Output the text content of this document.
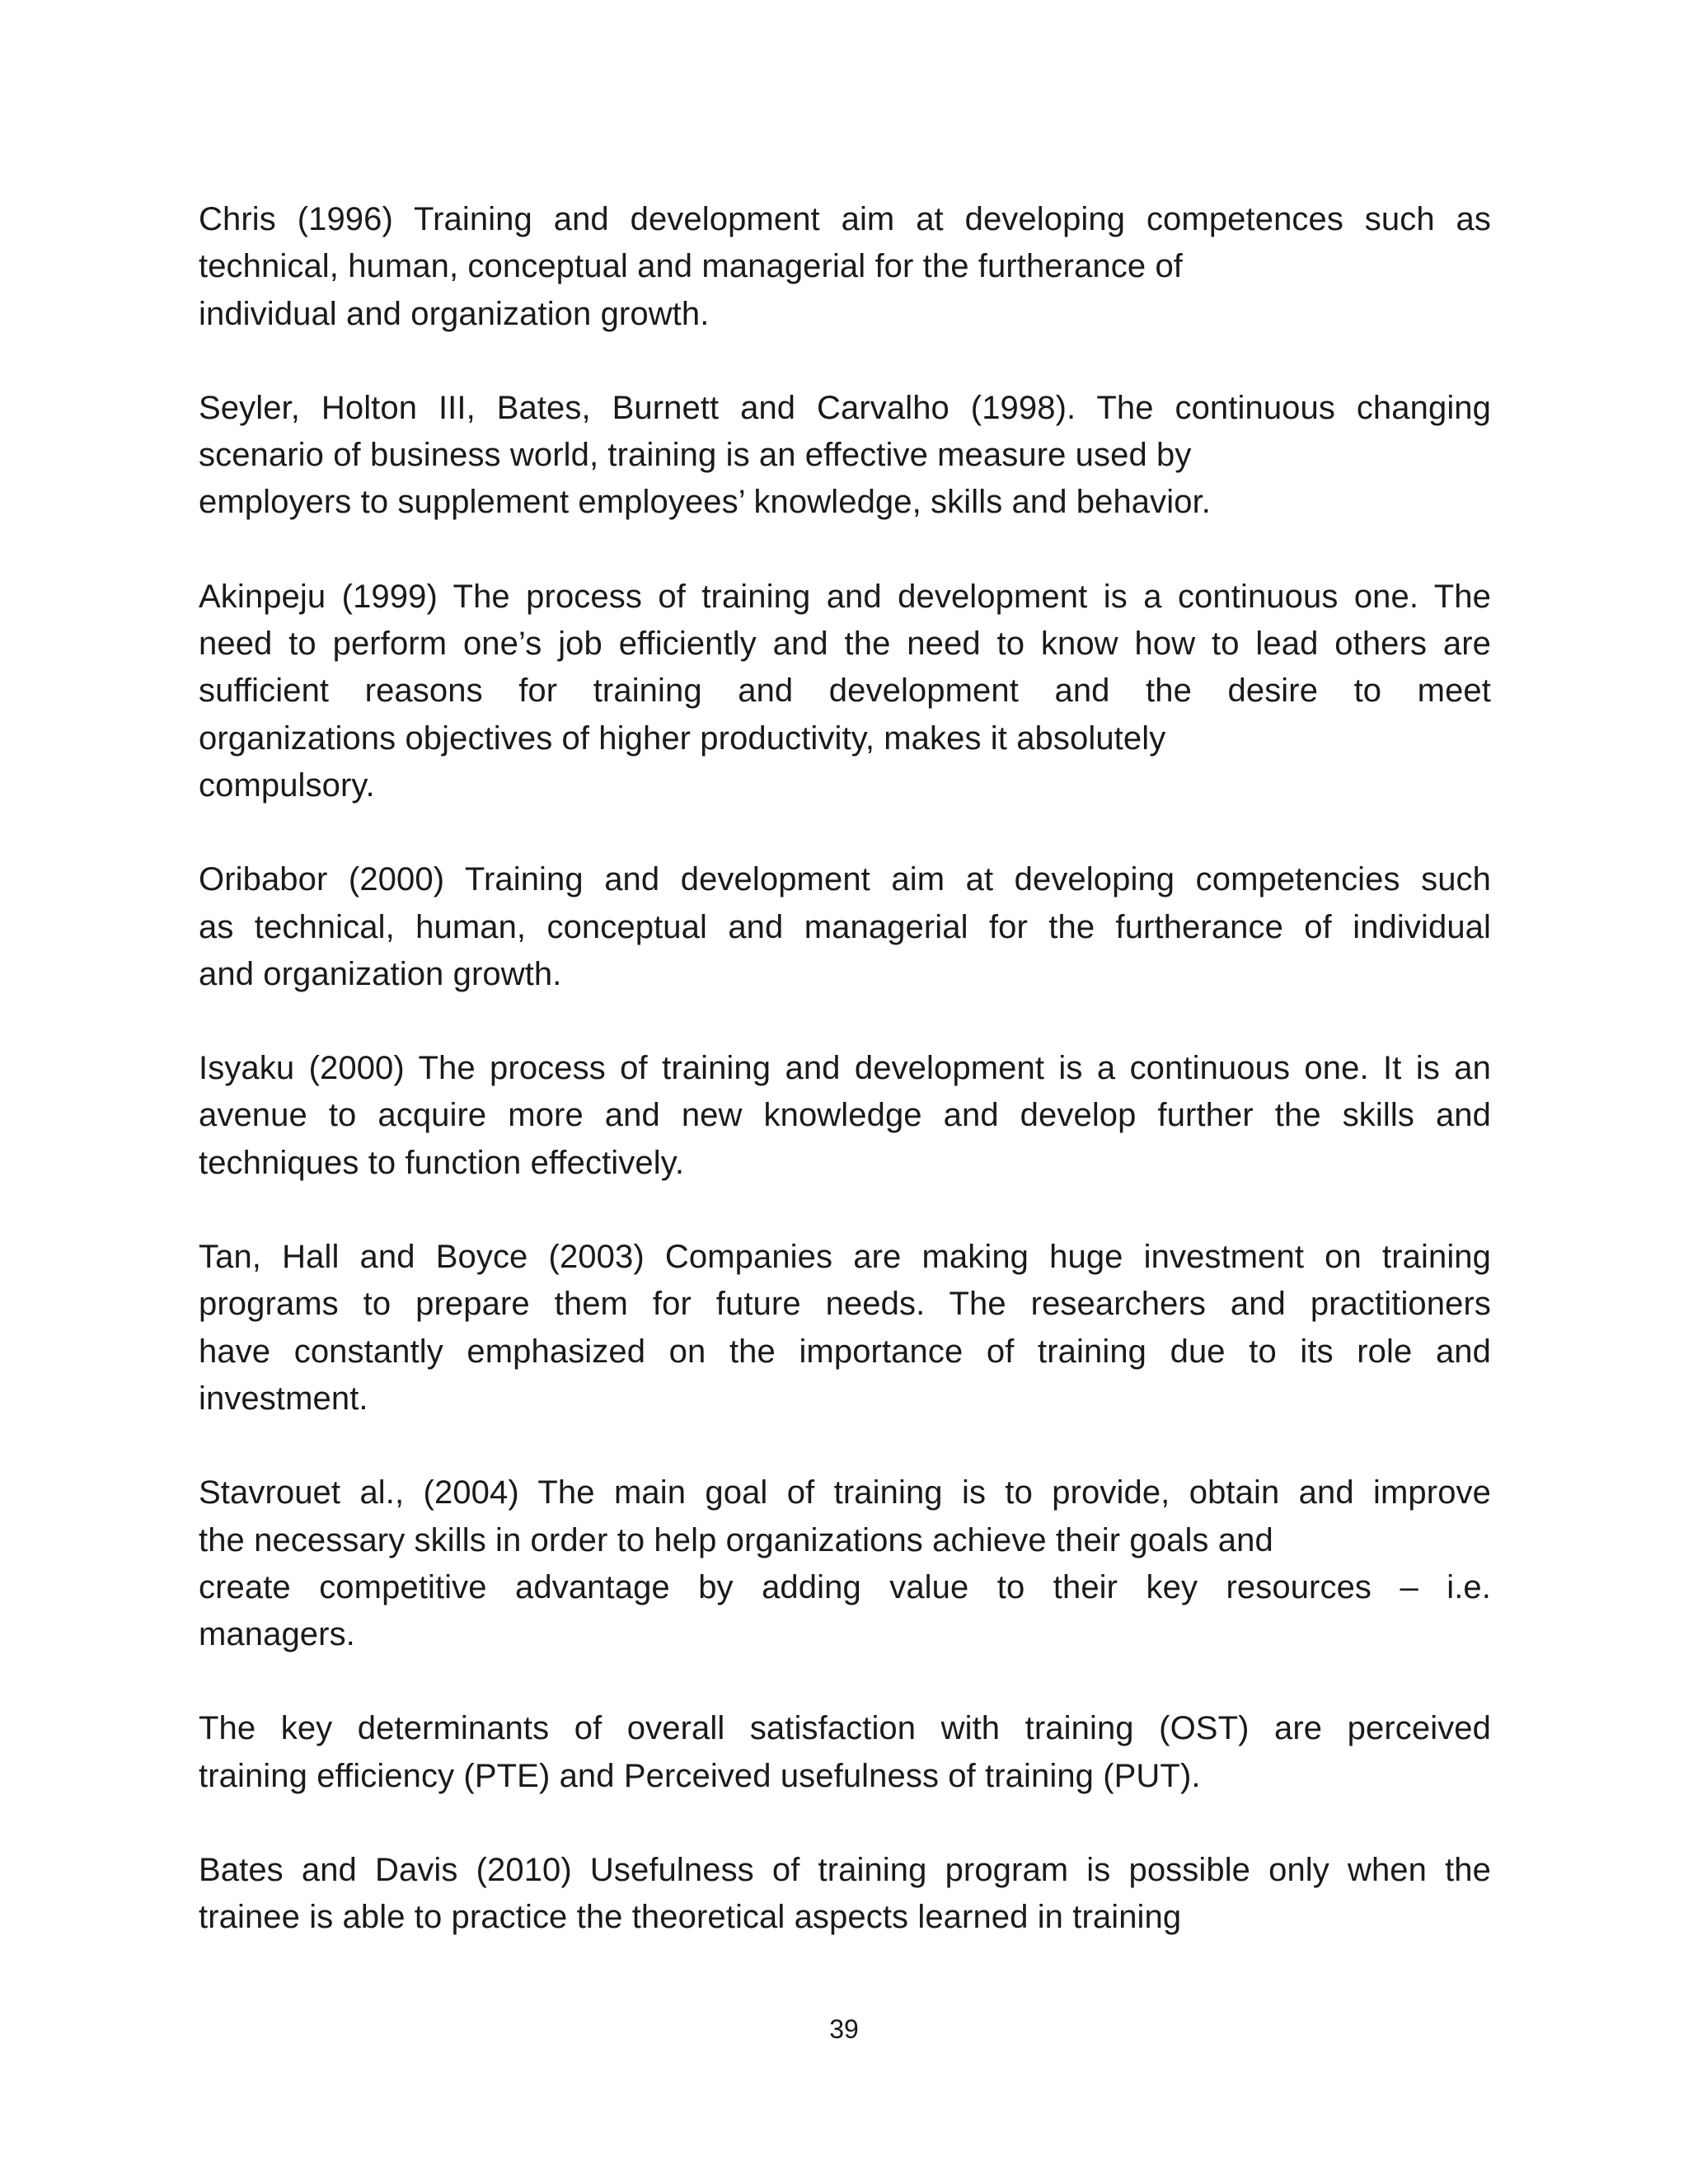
Chris (1996) Training and development aim at developing competences such as
technical, human, conceptual and managerial for the furtherance of
individual and organization growth.

Seyler, Holton III, Bates, Burnett and Carvalho (1998). The continuous changing
scenario of business world, training is an effective measure used by
employers to supplement employees’ knowledge, skills and behavior.

Akinpeju (1999) The process of training and development is a continuous one. The
need to perform one’s job efficiently and the need to know how to lead others are
sufficient reasons for training and development and the desire to meet
organizations objectives of higher productivity, makes it absolutely
compulsory.

Oribabor (2000) Training and development aim at developing competencies such
as technical, human, conceptual and managerial for the furtherance of individual
and organization growth.

Isyaku (2000) The process of training and development is a continuous one. It is an
avenue to acquire more and new knowledge and develop further the skills and
techniques to function effectively.

Tan, Hall and Boyce (2003) Companies are making huge investment on training
programs to prepare them for future needs. The researchers and practitioners
have constantly emphasized on the importance of training due to its role and
investment.

Stavrouet al., (2004) The main goal of training is to provide, obtain and improve
the necessary skills in order to help organizations achieve their goals and
create competitive advantage by adding value to their key resources – i.e.
managers.

The key determinants of overall satisfaction with training (OST) are perceived
training efficiency (PTE) and Perceived usefulness of training (PUT).

Bates and Davis (2010) Usefulness of training program is possible only when the
trainee is able to practice the theoretical aspects learned in training

39
